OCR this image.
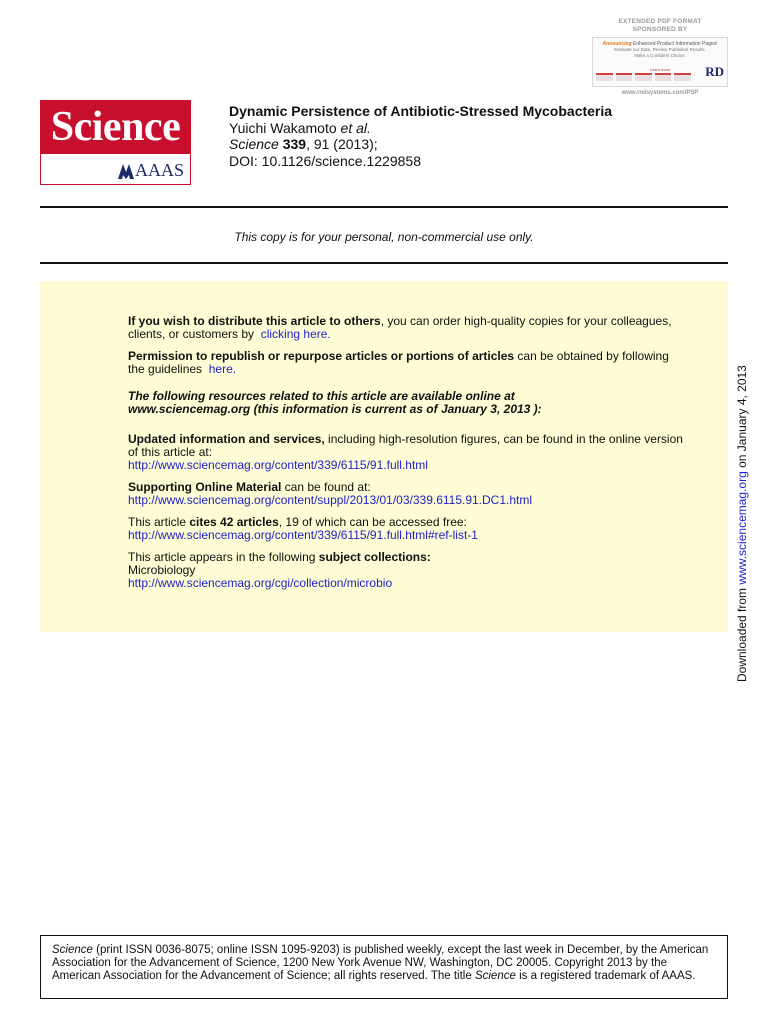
EXTENDED PDF FORMAT
SPONSORED BY
Announcing Enhanced Product Information Pages!
Evaluate our Data. Review Published Results.
Make a Confident Choice.
Learn more	RD
www.rndsystems.com/PSP
Science
AAAS
Dynamic Persistence of Antibiotic-Stressed Mycobacteria
Yuichi Wakamoto et al.
Science 339, 91 (2013);
DOI: 10.1126/science.1229858
This copy is for your personal, non-commercial use only.

If you wish to distribute this article to others, you can order high-quality copies for your colleagues, clients, or customers by clicking here.

Permission to republish or repurpose articles or portions of articles can be obtained by following the guidelines here.

The following resources related to this article are available online at
www.sciencemag.org (this information is current as of January 3, 2013 ):

Updated information and services, including high-resolution figures, can be found in the online version of this article at:
http://www.sciencemag.org/content/339/6115/91.full.html

Supporting Online Material can be found at:
http://www.sciencemag.org/content/suppl/2013/01/03/339.6115.91.DC1.html

This article cites 42 articles, 19 of which can be accessed free:
http://www.sciencemag.org/content/339/6115/91.full.html#ref-list-1

This article appears in the following subject collections:
Microbiology
http://www.sciencemag.org/cgi/collection/microbio

Downloaded from www.sciencemag.org on January 4, 2013
Science (print ISSN 0036-8075; online ISSN 1095-9203) is published weekly, except the last week in December, by the American Association for the Advancement of Science, 1200 New York Avenue NW, Washington, DC 20005. Copyright 2013 by the American Association for the Advancement of Science; all rights reserved. The title Science is a registered trademark of AAAS.
